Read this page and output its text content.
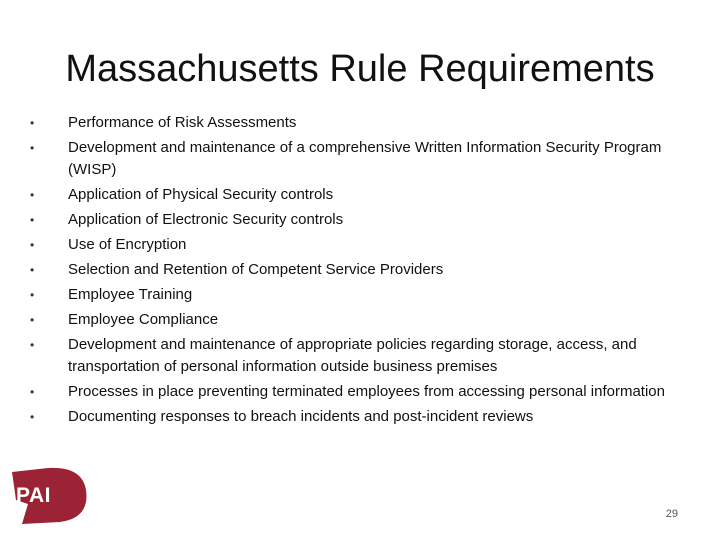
Massachusetts Rule Requirements
•	Performance of Risk Assessments
•	Development and maintenance of a comprehensive Written Information Security Program (WISP)
•	Application of Physical Security controls
•	Application of Electronic Security controls
•	Use of Encryption
•	Selection and Retention of Competent Service Providers
•	Employee Training
•	Employee Compliance
•	Development and maintenance of appropriate policies regarding storage, access, and transportation of personal information outside business premises
•	Processes in place preventing terminated employees from accessing personal information
•	Documenting responses to breach incidents and post-incident reviews
PAI
29
